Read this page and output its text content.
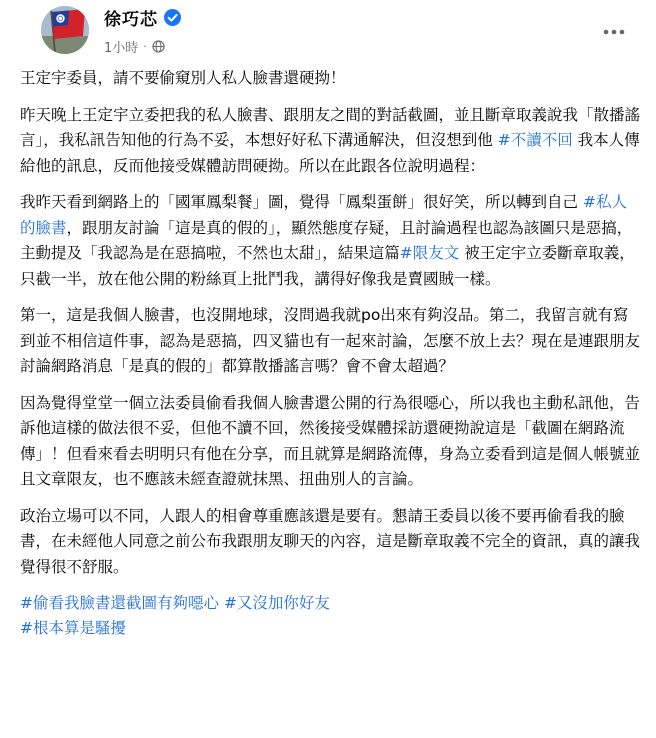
徐巧芯
1小時 ·

王定宇委員，請不要偷窺別人私人臉書還硬拗！

昨天晚上王定宇立委把我的私人臉書、跟朋友之間的對話截圖，並且斷章取義說我「散播謠言」，我私訊告知他的行為不妥，本想好好私下溝通解決，但沒想到他 #不讀不回 我本人傳給他的訊息，反而他接受媒體訪問硬拗。所以在此跟各位說明過程：

我昨天看到網路上的「國軍鳳梨餐」圖，覺得「鳳梨蛋餅」很好笑，所以轉到自己 #私人的臉書，跟朋友討論「這是真的假的」，顯然態度存疑，且討論過程也認為該圖只是惡搞，主動提及「我認為是在惡搞啦，不然也太甜」，結果這篇#限友文 被王定宇立委斷章取義，只截一半，放在他公開的粉絲頁上批鬥我，講得好像我是賣國賊一樣。

第一，這是我個人臉書，也沒開地球，沒問過我就po出來有夠沒品。第二，我留言就有寫到並不相信這件事，認為是惡搞，四叉貓也有一起來討論，怎麼不放上去？現在是連跟朋友討論網路消息「是真的假的」都算散播謠言嗎？會不會太超過？

因為覺得堂堂一個立法委員偷看我個人臉書還公開的行為很噁心，所以我也主動私訊他，告訴他這樣的做法很不妥，但他不讀不回，然後接受媒體採訪還硬拗說這是「截圖在網路流傳」！但看來看去明明只有他在分享，而且就算是網路流傳，身為立委看到這是個人帳號並且文章限友，也不應該未經查證就抹黑、扭曲別人的言論。

政治立場可以不同，人跟人的相會尊重應該還是要有。懇請王委員以後不要再偷看我的臉書，在未經他人同意之前公布我跟朋友聊天的內容，這是斷章取義不完全的資訊，真的讓我覺得很不舒服。

#偷看我臉書還截圖有夠噁心 #又沒加你好友
#根本算是騷擾
